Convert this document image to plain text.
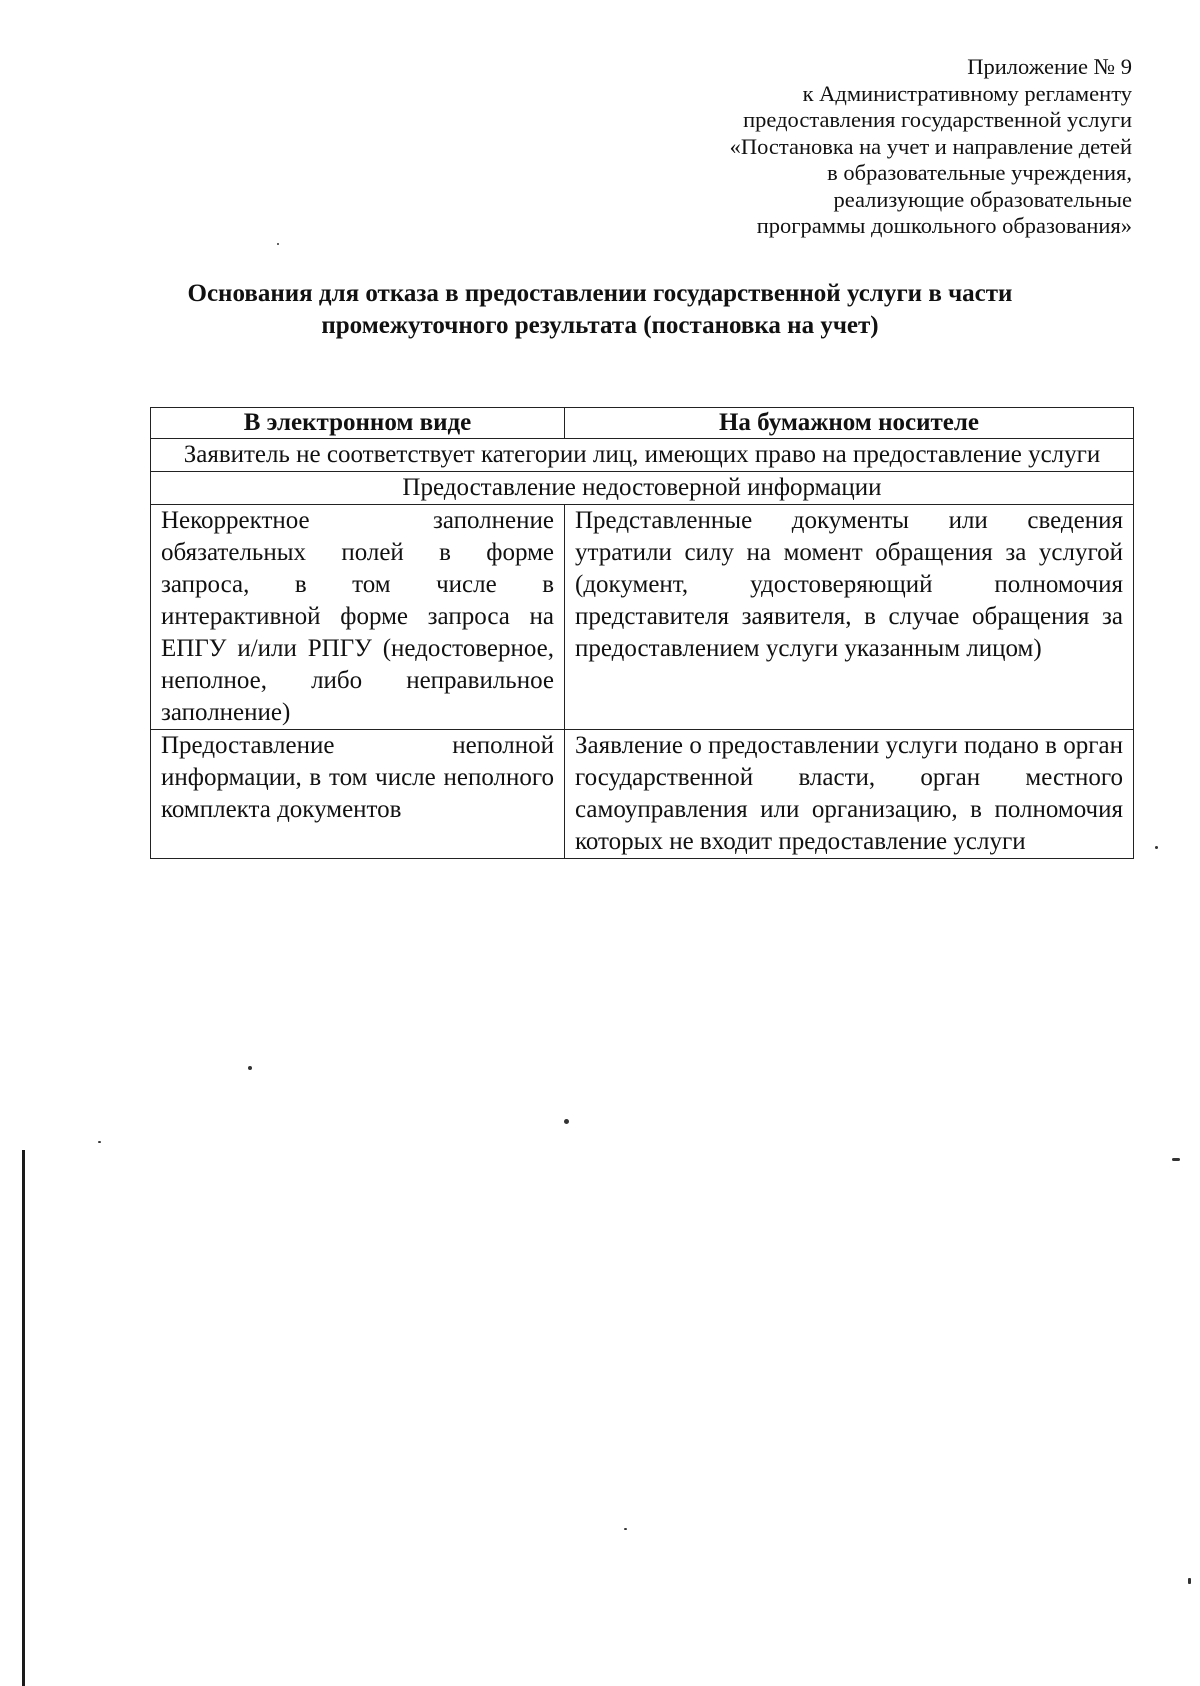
Приложение № 9
к Административному регламенту
предоставления государственной услуги
«Постановка на учет и направление детей
в образовательные учреждения,
реализующие образовательные
программы дошкольного образования»
Основания для отказа в предоставлении государственной услуги в части
промежуточного результата (постановка на учет)
В электронном виде	На бумажном носителе
Заявитель не соответствует категории лиц, имеющих право на предоставление услуги	
Предоставление недостоверной информации	
Некорректное заполнение обязательных полей в форме запроса, в том числе в интерактивной форме запроса на ЕПГУ и/или РПГУ (недостоверное, неполное, либо неправильное заполнение)	Представленные документы или сведения утратили силу на момент обращения за услугой (документ, удостоверяющий полномочия представителя заявителя, в случае обращения за предоставлением услуги указанным лицом)
Предоставление неполной информации, в том числе неполного комплекта документов	Заявление о предоставлении услуги подано в орган государственной власти, орган местного самоуправления или организацию, в полномочия которых не входит предоставление услуги
